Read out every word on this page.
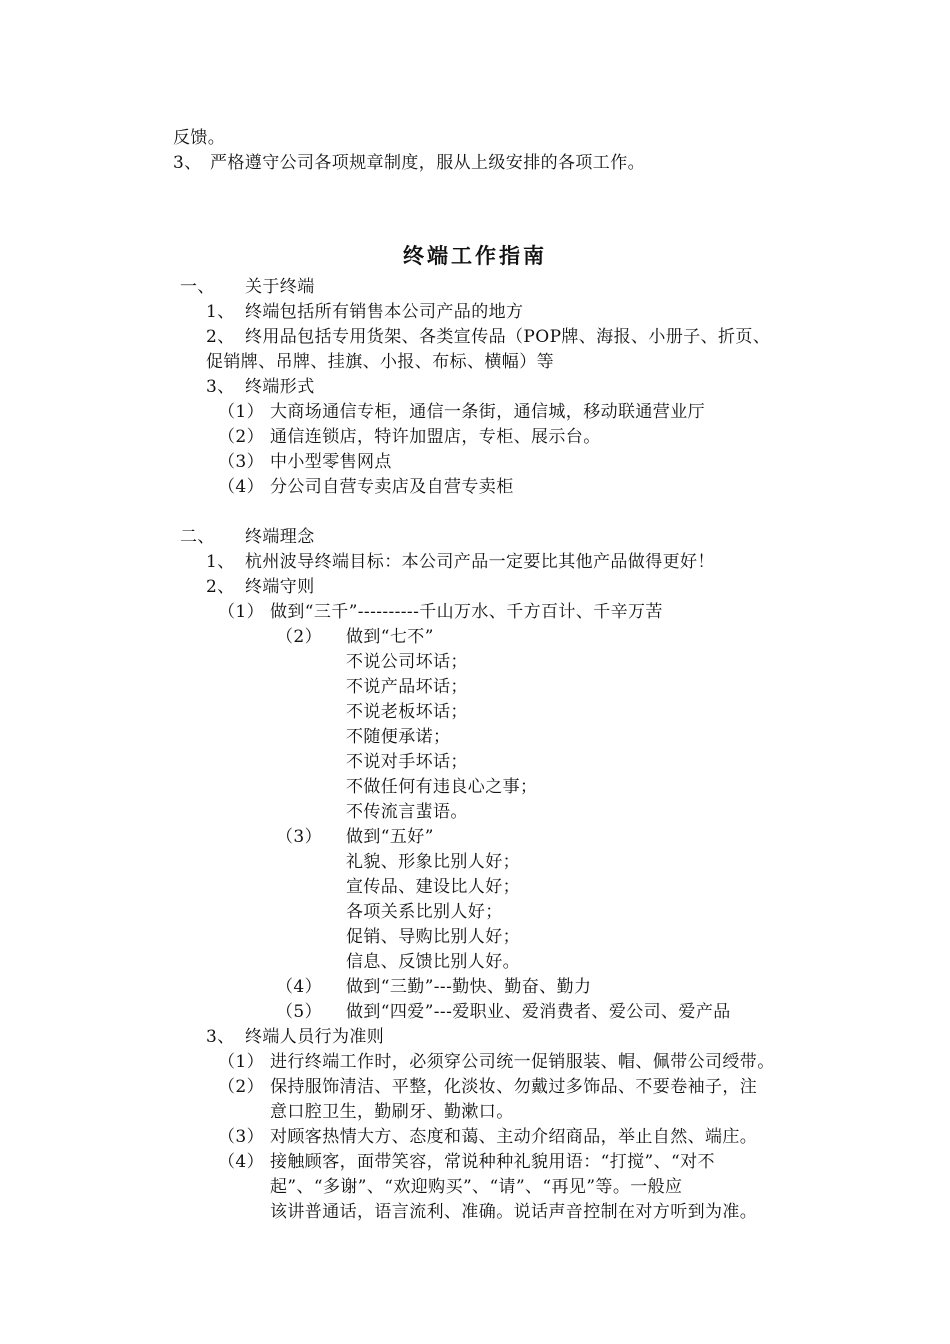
反馈。
3、 严格遵守公司各项规章制度，服从上级安排的各项工作。
终端工作指南
一、 关于终端
1、 终端包括所有销售本公司产品的地方
2、 终用品包括专用货架、各类宣传品（POP牌、海报、小册子、折页、
促销牌、吊牌、挂旗、小报、布标、横幅）等
3、 终端形式
（1） 大商场通信专柜，通信一条街，通信城，移动联通营业厅
（2） 通信连锁店，特许加盟店，专柜、展示台。
（3） 中小型零售网点
（4） 分公司自营专卖店及自营专卖柜
二、 终端理念
1、 杭州波导终端目标：本公司产品一定要比其他产品做得更好！
2、 终端守则
（1） 做到“三千”----------千山万水、千方百计、千辛万苦
（2） 做到“七不”
不说公司坏话；
不说产品坏话；
不说老板坏话；
不随便承诺；
不说对手坏话；
不做任何有违良心之事；
不传流言蜚语。
（3） 做到“五好”
礼貌、形象比别人好；
宣传品、建设比人好；
各项关系比别人好；
促销、导购比别人好；
信息、反馈比别人好。
（4） 做到“三勤”---勤快、勤奋、勤力
（5） 做到“四爱”---爱职业、爱消费者、爱公司、爱产品
3、 终端人员行为准则
（1） 进行终端工作时，必须穿公司统一促销服装、帽、佩带公司绶带。
（2） 保持服饰清洁、平整，化淡妆、勿戴过多饰品、不要卷袖子，注
意口腔卫生，勤刷牙、勤漱口。
（3） 对顾客热情大方、态度和蔼、主动介绍商品，举止自然、端庄。
（4） 接触顾客，面带笑容，常说种种礼貌用语：“打搅”、“对不
起”、“多谢”、“欢迎购买”、“请”、“再见”等。一般应
该讲普通话，语言流利、准确。说话声音控制在对方听到为准。
